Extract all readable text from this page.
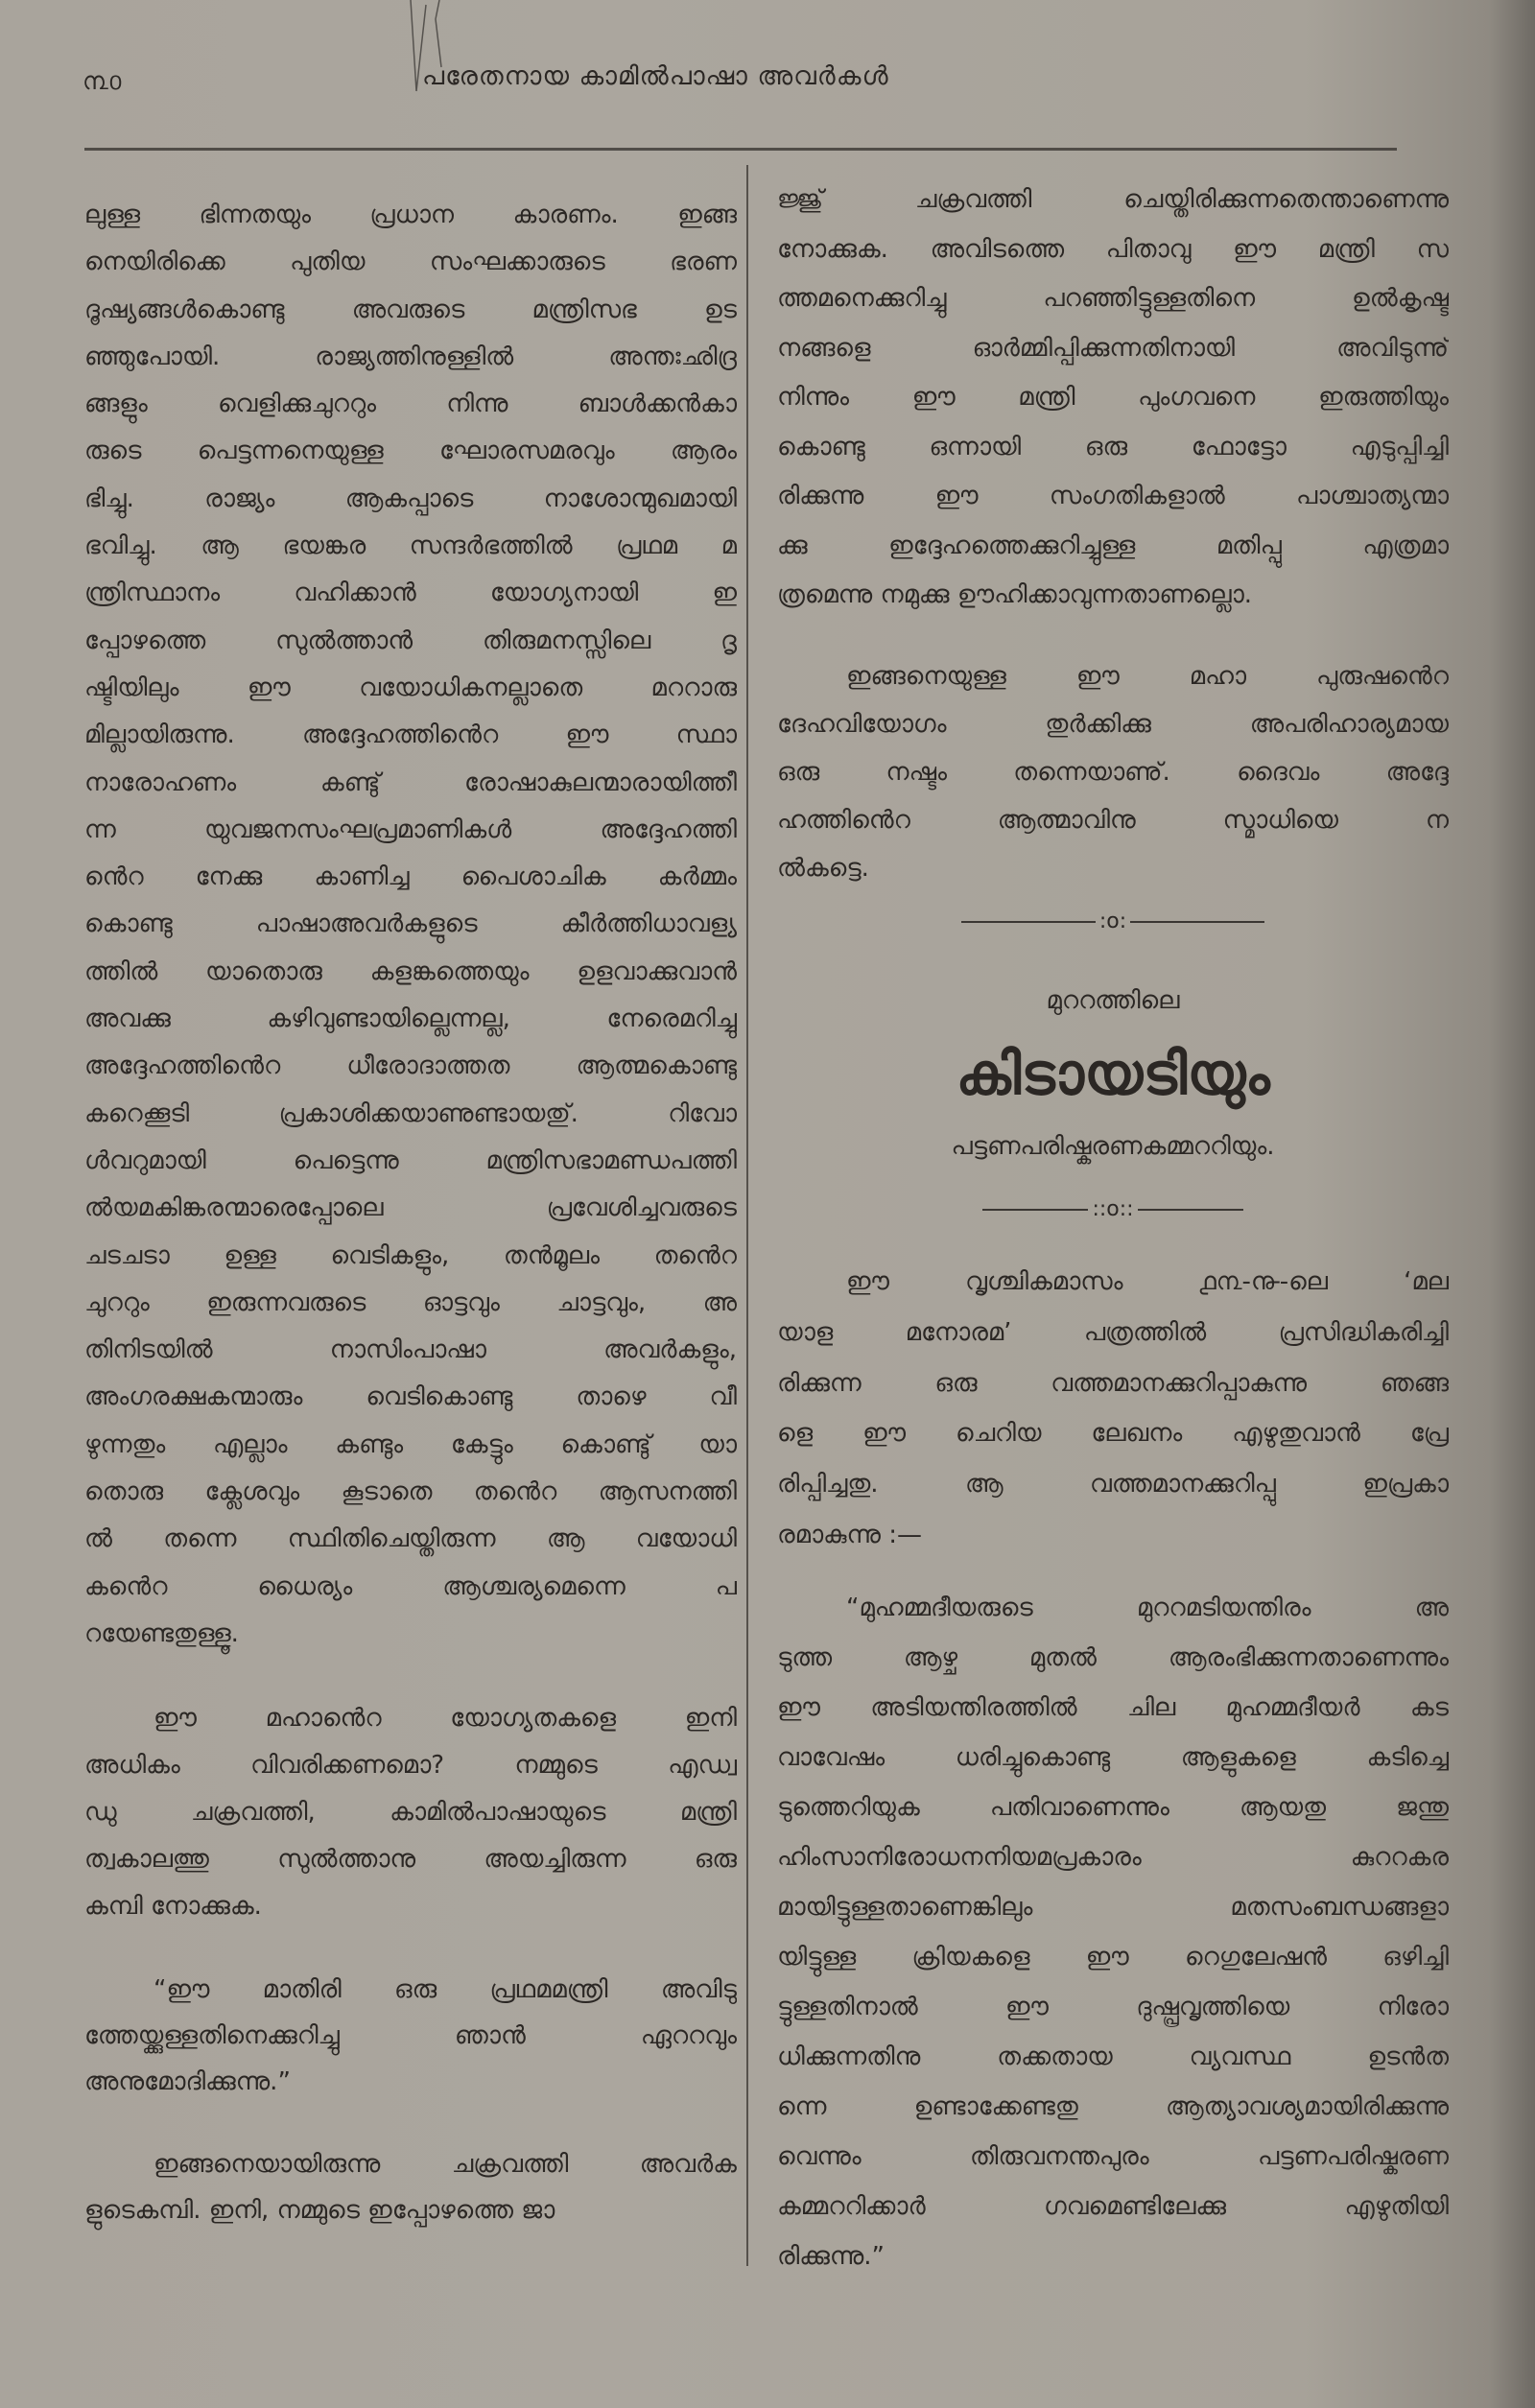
൩൦	പരേതനായ കാമിൽപാഷാ അവർകൾ
ലുള്ള ഭിന്നതയും പ്രധാന കാരണം. ഇങ്ങ
നെയിരിക്കെ പുതിയ സംഘക്കാരുടെ ഭരണ
ദൂഷ്യങ്ങൾകൊണ്ടു അവരുടെ മന്ത്രിസഭ ഉട
ഞ്ഞുപോയി. രാജ്യത്തിനുള്ളിൽ അന്തഃഛിദ്ര
ങ്ങളും വെളിക്കുചുററും നിന്നു ബാൾക്കൻകാ
രുടെ പെട്ടന്നനെയുള്ള ഘോരസമരവും ആരം
ഭിച്ചു. രാജ്യം ആകപ്പാടെ നാശോന്മുഖമായി
ഭവിച്ചു. ആ ഭയങ്കര സന്ദർഭത്തിൽ പ്രഥമ മ
ന്ത്രിസ്ഥാനം വഹിക്കാൻ യോഗ്യനായി ഇ
പ്പോഴത്തെ സുൽത്താൻ തിരുമനസ്സിലെ ദൃ
ഷ്ടിയിലും ഈ വയോധികനല്ലാതെ മററാരു
മില്ലായിരുന്നു. അദ്ദേഹത്തിൻെറ ഈ സ്ഥാ
നാരോഹണം കണ്ടു് രോഷാകുലന്മാരായിത്തീ
ന്ന യുവജനസംഘപ്രമാണികൾ അദ്ദേഹത്തി
ൻെറ നേക്കു കാണിച്ച പൈശാചിക കർമ്മം
കൊണ്ടു പാഷാഅവർകളുടെ കീർത്തിധാവള്യ
ത്തിൽ യാതൊരു കളങ്കത്തെയും ഉളവാക്കുവാൻ
അവക്കു കഴിവുണ്ടായില്ലെന്നല്ല, നേരെമറിച്ചു
അദ്ദേഹത്തിൻെറ ധീരോദാത്തത ആത്മകൊണ്ടു
കറെക്കൂടി പ്രകാശിക്കയാണുണ്ടായതു്. റിവോ
ൾവറുമായി പെട്ടെന്നു മന്ത്രിസഭാമണ്ഡപത്തി
ൽയമകിങ്കരന്മാരെപ്പോലെ പ്രവേശിച്ചവരുടെ
ചടചടാ ഉള്ള വെടികളും, തൻമൂലം തൻെറ
ചുററും ഇരുന്നവരുടെ ഓട്ടവും ചാട്ടവും, അ
തിനിടയിൽ നാസിംപാഷാ അവർകളും,
അംഗരക്ഷകന്മാരും വെടികൊണ്ടു താഴെ വീ
ഴുന്നതും എല്ലാം കണ്ടും കേട്ടും കൊണ്ടു് യാ
തൊരു ക്ലേശവും കൂടാതെ തൻെറ ആസനത്തി
ൽ തന്നെ സ്ഥിതിചെയ്തിരുന്ന ആ വയോധി
കൻെറ ധൈര്യം ആശ്ചര്യമെന്നെ പ
റയേണ്ടതുള്ളൂ.
ഈ മഹാൻെറ യോഗ്യതകളെ ഇനി
അധികം വിവരിക്കണമൊ? നമ്മുടെ എഡ്വ
ഡു ചക്രവത്തി, കാമിൽപാഷായുടെ മന്ത്രി
ത്വകാലത്തു സുൽത്താനു അയച്ചിരുന്ന ഒരു
കമ്പി നോക്കുക.
“ഈ മാതിരി ഒരു പ്രഥമമന്ത്രി അവിടു
ത്തേയ്ക്കുള്ളതിനെക്കുറിച്ചു ഞാൻ ഏററവും
അനുമോദിക്കുന്നു.”
ഇങ്ങനെയായിരുന്നു ചക്രവത്തി അവർക
ളുടെകമ്പി. ഇനി, നമ്മുടെ ഇപ്പോഴത്തെ ജാ
ജ്ജു് ചക്രവത്തി ചെയ്തിരിക്കുന്നതെന്താണെന്നു
നോക്കുക. അവിടത്തെ പിതാവു ഈ മന്ത്രി സ
ത്തമനെക്കുറിച്ചു പറഞ്ഞിട്ടുള്ളതിനെ ഉൽകൃഷ്ട
നങ്ങളെ ഓർമ്മിപ്പിക്കുന്നതിനായി അവിടുന്നു്
നിന്നും ഈ മന്ത്രി പുംഗവനെ ഇരുത്തിയും
കൊണ്ടു ഒന്നായി ഒരു ഫോട്ടോ എടുപ്പിച്ചി
രിക്കുന്നു ഈ സംഗതികളാൽ പാശ്ചാത്യന്മാ
ക്കു ഇദ്ദേഹത്തെക്കുറിച്ചുള്ള മതിപ്പു എത്രമാ
ത്രമെന്നു നമുക്കു ഊഹിക്കാവുന്നതാണല്ലൊ.
ഇങ്ങനെയുള്ള ഈ മഹാ പുരുഷൻെറ
ദേഹവിയോഗം തുർക്കിക്കു അപരിഹാര്യമായ
ഒരു നഷ്ടം തന്നെയാണു്. ദൈവം അദ്ദേ
ഹത്തിൻെറ ആത്മാവിനു സ്മാധിയെ ന
ൽകട്ടെ.
:o:
മുററത്തിലെ
കിടായടിയും
പട്ടണപരിഷ്കരണകമ്മററിയും.
::o::
ഈ വൃശ്ചികമാസം ൧൩-൹-ലെ ‘മല
യാള മനോരമ’ പത്രത്തിൽ പ്രസിദ്ധികരിച്ചി
രിക്കുന്ന ഒരു വത്തമാനക്കുറിപ്പാകുന്നു ഞങ്ങ
ളെ ഈ ചെറിയ ലേഖനം എഴുതുവാൻ പ്രേ
രിപ്പിച്ചതു. ആ വത്തമാനക്കുറിപ്പു ഇപ്രകാ
രമാകുന്നു :—
“മുഹമ്മദീയരുടെ മുററമടിയന്തിരം അ
ടുത്ത ആഴ്ച മുതൽ ആരംഭിക്കുന്നതാണെന്നും
ഈ അടിയന്തിരത്തിൽ ചില മുഹമ്മദീയർ കട
വാവേഷം ധരിച്ചുകൊണ്ടു ആളുകളെ കടിച്ചെ
ടുത്തെറിയുക പതിവാണെന്നും ആയതു ജന്തു
ഹിംസാനിരോധനനിയമപ്രകാരം കുററകര
മായിട്ടുള്ളതാണെങ്കിലും മതസംബന്ധങ്ങളാ
യിട്ടുള്ള ക്രിയകളെ ഈ റെഗുലേഷൻ ഒഴിച്ചി
ട്ടുള്ളതിനാൽ ഈ ദുഷ്പ്രവൃത്തിയെ നിരോ
ധിക്കുന്നതിനു തക്കതായ വ്യവസ്ഥ ഉടൻത
ന്നെ ഉണ്ടാക്കേണ്ടതു ആത്യാവശ്യമായിരിക്കുന്നു
വെന്നും തിരുവനന്തപുരം പട്ടണപരിഷ്കരണ
കമ്മററിക്കാർ ഗവമെണ്ടിലേക്കു എഴുതിയി
രിക്കുന്നു.”
